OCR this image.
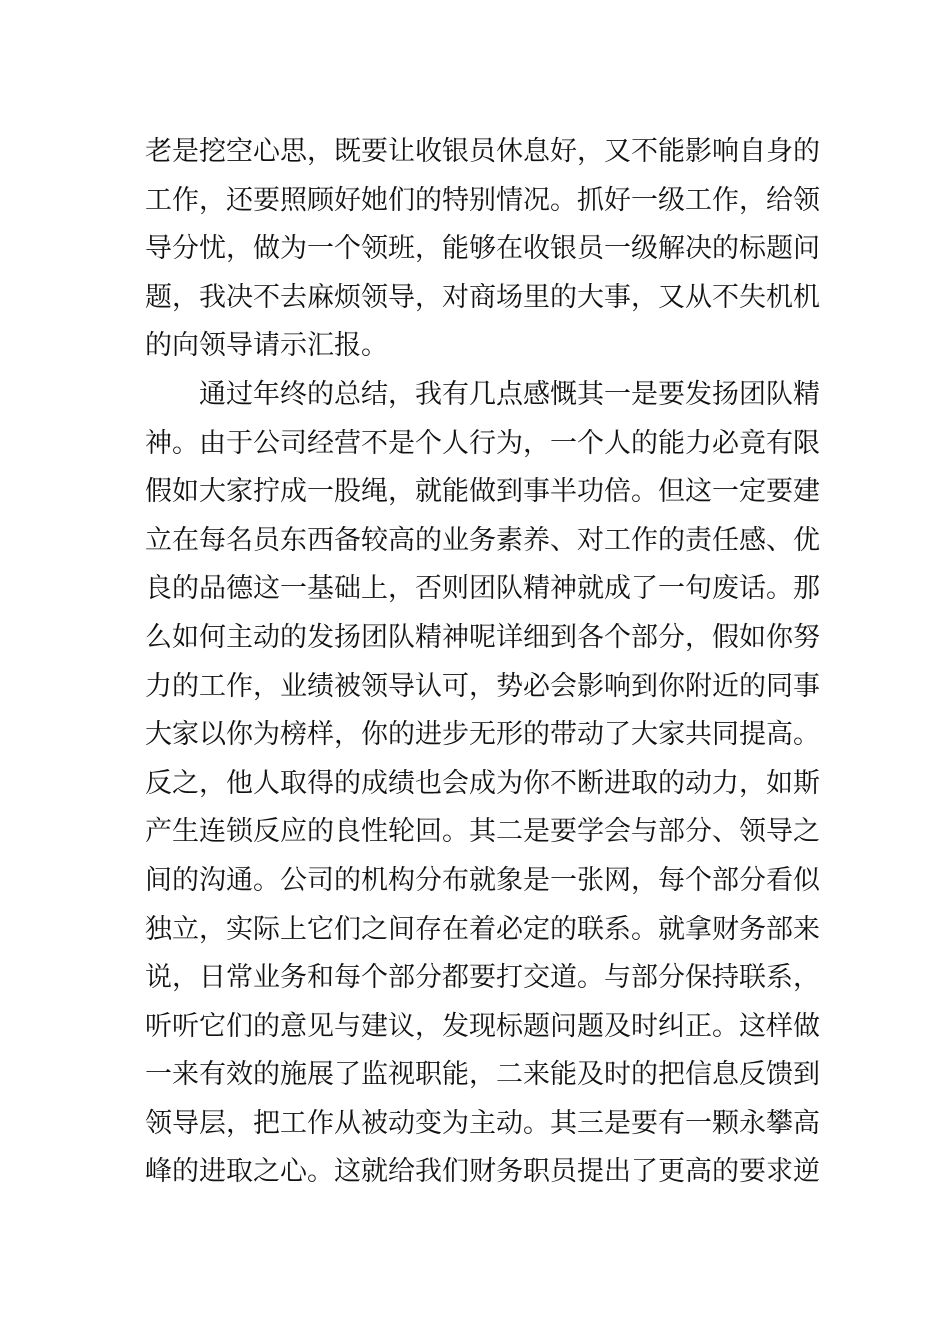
老是挖空心思，既要让收银员休息好，又不能影响自身的
工作，还要照顾好她们的特别情况。抓好一级工作，给领
导分忧，做为一个领班，能够在收银员一级解决的标题问
题，我决不去麻烦领导，对商场里的大事，又从不失机机
的向领导请示汇报。
通过年终的总结，我有几点感慨其一是要发扬团队精
神。由于公司经营不是个人行为，一个人的能力必竟有限
假如大家拧成一股绳，就能做到事半功倍。但这一定要建
立在每名员东西备较高的业务素养、对工作的责任感、优
良的品德这一基础上，否则团队精神就成了一句废话。那
么如何主动的发扬团队精神呢详细到各个部分，假如你努
力的工作，业绩被领导认可，势必会影响到你附近的同事
大家以你为榜样，你的进步无形的带动了大家共同提高。
反之，他人取得的成绩也会成为你不断进取的动力，如斯
产生连锁反应的良性轮回。其二是要学会与部分、领导之
间的沟通。公司的机构分布就象是一张网，每个部分看似
独立，实际上它们之间存在着必定的联系。就拿财务部来
说，日常业务和每个部分都要打交道。与部分保持联系，
听听它们的意见与建议，发现标题问题及时纠正。这样做
一来有效的施展了监视职能，二来能及时的把信息反馈到
领导层，把工作从被动变为主动。其三是要有一颗永攀高
峰的进取之心。这就给我们财务职员提出了更高的要求逆
